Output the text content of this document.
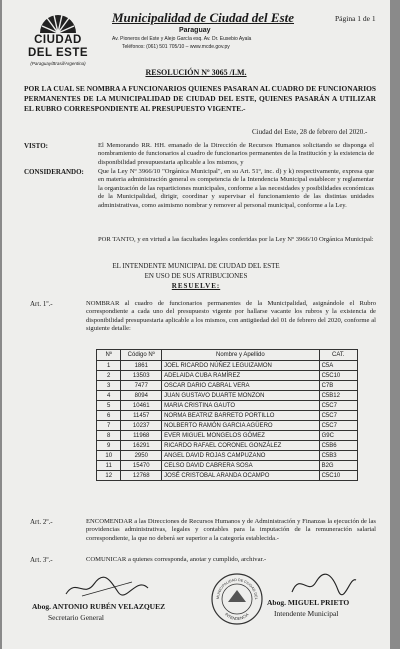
CIUDAD
DEL ESTE
(Paraguay/Brasil/Argentina)
Municipalidad de Ciudad del Este
Paraguay
Av. Pioneros del Este y Alejo García esq. Av. Dr. Eusebio Ayala
Teléfonos: (061) 501 705/10 – www.mcde.gov.py
Página 1 de 1
RESOLUCIÓN Nº 3065 /I.M.
POR LA CUAL SE NOMBRA A FUNCIONARIOS QUIENES PASARAN AL CUADRO DE FUNCIONARIOS PERMANENTES DE LA MUNICIPALIDAD DE CIUDAD DEL ESTE, QUIENES PASARÁN A UTILIZAR EL RUBRO CORRESPONDIENTE AL PRESUPUESTO VIGENTE.-
Ciudad del Este, 28 de febrero del 2020.-
VISTO:	El Memorando RR. HH. emanado de la Dirección de Recursos Humanos solicitando se disponga el nombramiento de funcionarios al cuadro de funcionarios permanentes de la Institución y la existencia de disponibilidad presupuestaria aplicable a los mismos, y
CONSIDERANDO: Que la Ley Nº 3966/10 "Orgánica Municipal", en su Art. 51º, inc. d) y k) respectivamente, expresa que en materia administración general es competencia de la Intendencia Municipal establecer y reglamentar la organización de las reparticiones municipales, conforme a las necesidades y posibilidades económicas de la Municipalidad, dirigir, coordinar y supervisar el funcionamiento de las distintas unidades administrativas, como asimismo nombrar y remover al personal municipal, conforme a la Ley.
POR TANTO, y en virtud a las facultades legales conferidas por la Ley Nº 3966/10 Orgánica Municipal:
EL INTENDENTE MUNICIPAL DE CIUDAD DEL ESTE
EN USO DE SUS ATRIBUCIONES
RESUELVE:
Art. 1º.-	NOMBRAR al cuadro de funcionarios permanentes de la Municipalidad, asignándole el Rubro correspondiente a cada uno del presupuesto vigente por hallarse vacante los rubros y la existencia de disponibilidad presupuestaria aplicable a los mismos, con antigüedad del 01 de febrero del 2020, conforme al siguiente detalle:
Nº	Código Nº	Nombre y Apellido	CAT.
1	1861	JOEL RICARDO NÚÑEZ LEGUIZAMON	C5A
2	13503	ADELAIDA CUBA RAMÍREZ	C5C10
3	7477	OSCAR DARIO CABRAL VERA	C7B
4	8094	JUAN GUSTAVO DUARTE MONZON	C5B12
5	10461	MARIA CRISTINA GAUTO	C5C7
6	11457	NORMA BEATRIZ BARRETO PORTILLO	C5C7
7	10237	NOLBERTO RAMÓN GARCIA AGÜERO	C5C7
8	11968	EVER MIGUEL MONGELOS GÓMEZ	G9C
9	16291	RICARDO RAFAEL CORONEL GONZÁLEZ	C5B6
10	2950	ANGEL DAVID ROJAS CAMPUZANO	C5B3
11	15470	CELSO DAVID CABRERA SOSA	B2G
12	12768	JOSÉ CRISTOBAL ARANDA OCAMPO	C5C10
Art. 2º.-	ENCOMENDAR a las Direcciones de Recursos Humanos y de Administración y Finanzas la ejecución de las providencias administrativas, legales y contables para la imputación de la remuneración salarial correspondiente, la que no deberá ser superior a la categoría establecida.-
Art. 3º.-	COMUNICAR a quienes corresponda, anotar y cumplido, archivar.-
MUNICIPALIDAD DE CIUDAD DEL
INTENDENCIA
Abog. ANTONIO RUBÉN VELAZQUEZ
Secretario General
Abog. MIGUEL PRIETO
Intendente Municipal
